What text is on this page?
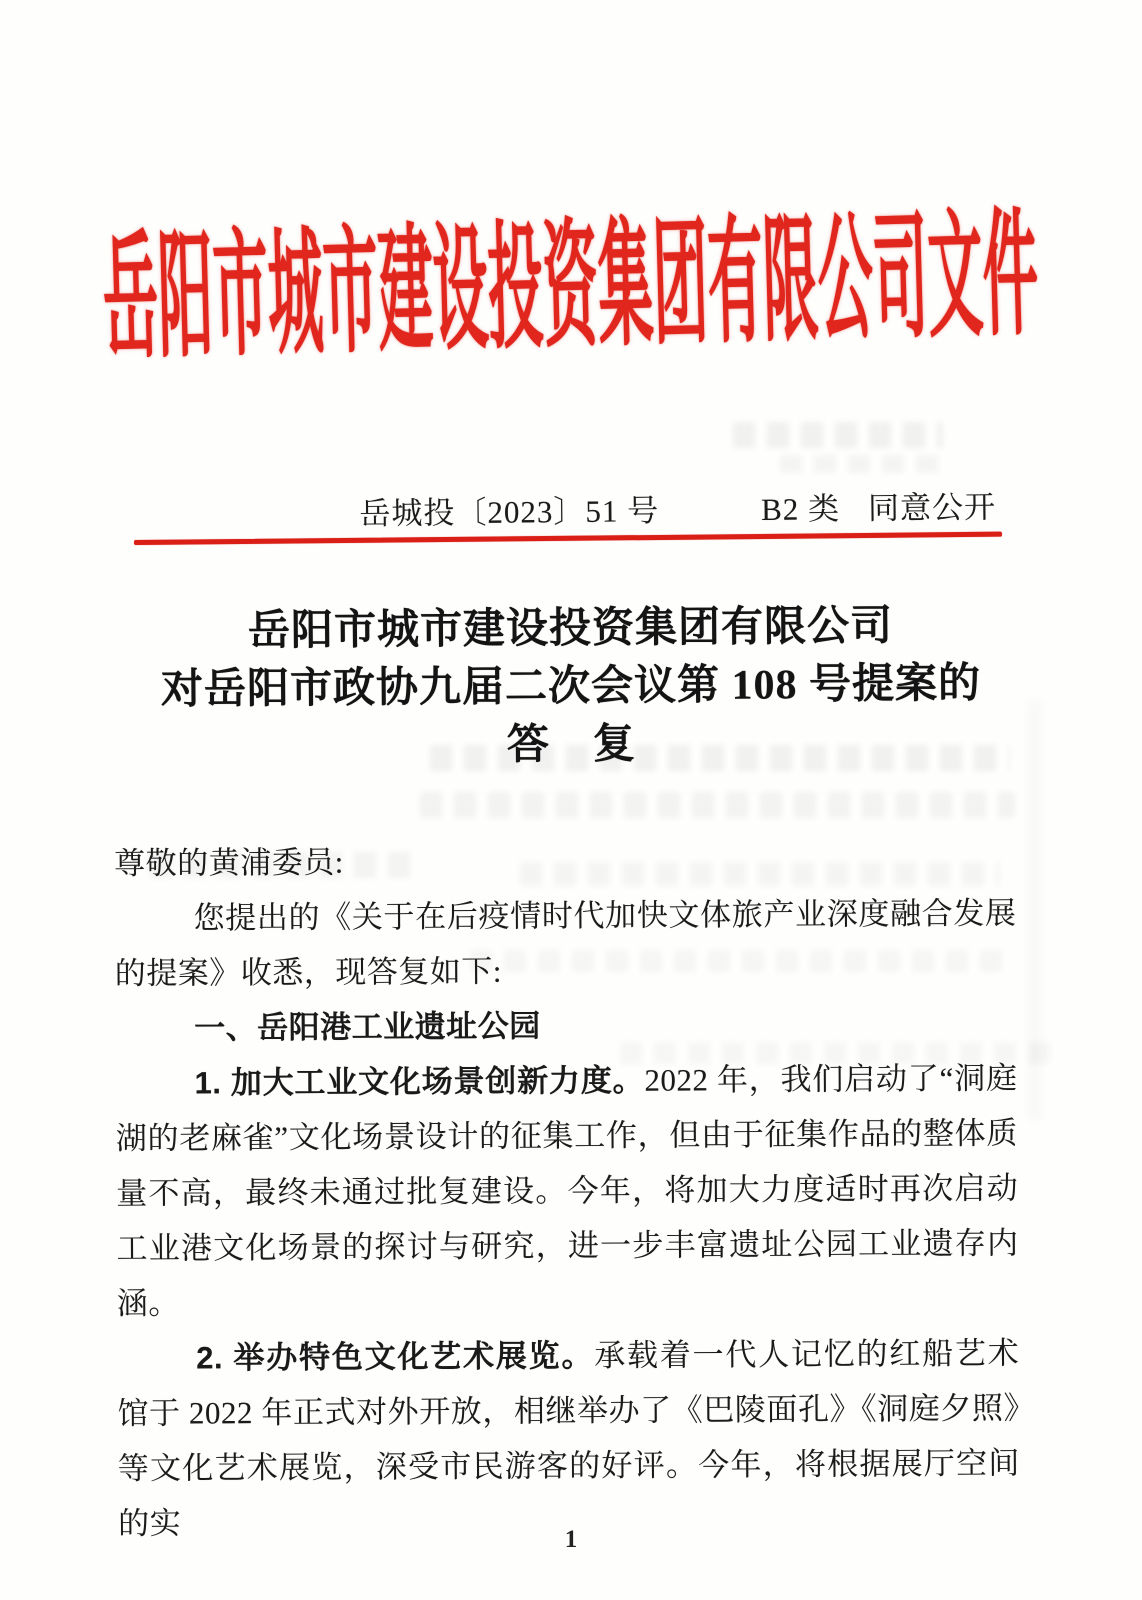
岳阳市城市建设投资集团有限公司文件
岳城投〔2023〕51 号	B2 类 同意公开
岳阳市城市建设投资集团有限公司
对岳阳市政协九届二次会议第 108 号提案的
答　复

尊敬的黄浦委员:

您提出的《关于在后疫情时代加快文体旅产业深度融合发展的提案》收悉，现答复如下:

一、岳阳港工业遗址公园

1. 加大工业文化场景创新力度。2022 年，我们启动了“洞庭湖的老麻雀”文化场景设计的征集工作，但由于征集作品的整体质量不高，最终未通过批复建设。今年，将加大力度适时再次启动工业港文化场景的探讨与研究，进一步丰富遗址公园工业遗存内涵。

2. 举办特色文化艺术展览。承载着一代人记忆的红船艺术馆于 2022 年正式对外开放，相继举办了《巴陵面孔》《洞庭夕照》等文化艺术展览，深受市民游客的好评。今年，将根据展厅空间的实	1
